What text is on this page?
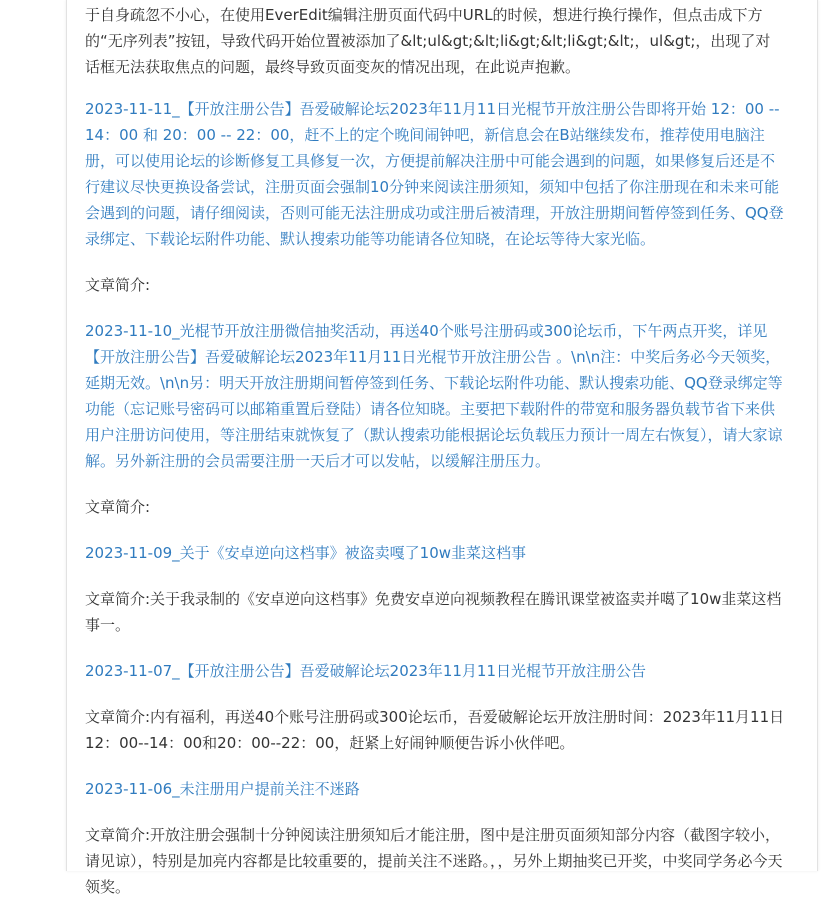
于自身疏忽不小心，在使用EverEdit编辑注册页面代码中URL的时候，想进行换行操作，但点击成下方的“无序列表”按钮，导致代码开始位置被添加了&lt;ul&gt;&lt;li&gt;&lt;li&gt;&lt;，ul&gt;，出现了对话框无法获取焦点的问题，最终导致页面变灰的情况出现，在此说声抱歉。

2023-11-11_【开放注册公告】吾爱破解论坛2023年11月11日光棍节开放注册公告即将开始 12：00 -- 14：00 和 20：00 -- 22：00，赶不上的定个晚间闹钟吧，新信息会在B站继续发布，推荐使用电脑注册，可以使用论坛的诊断修复工具修复一次，方便提前解决注册中可能会遇到的问题，如果修复后还是不行建议尽快更换设备尝试，注册页面会强制10分钟来阅读注册须知，须知中包括了你注册现在和未来可能会遇到的问题，请仔细阅读，否则可能无法注册成功或注册后被清理，开放注册期间暂停签到任务、QQ登录绑定、下载论坛附件功能、默认搜索功能等功能请各位知晓，在论坛等待大家光临。

文章简介:

2023-11-10_光棍节开放注册微信抽奖活动，再送40个账号注册码或300论坛币，下午两点开奖，详见【开放注册公告】吾爱破解论坛2023年11月11日光棍节开放注册公告 。\n\n注：中奖后务必今天领奖，延期无效。\n\n另：明天开放注册期间暂停签到任务、下载论坛附件功能、默认搜索功能、QQ登录绑定等功能（忘记账号密码可以邮箱重置后登陆）请各位知晓。主要把下载附件的带宽和服务器负载节省下来供用户注册访问使用，等注册结束就恢复了（默认搜索功能根据论坛负载压力预计一周左右恢复），请大家谅解。另外新注册的会员需要注册一天后才可以发帖，以缓解注册压力。

文章简介:

2023-11-09_关于《安卓逆向这档事》被盗卖嘎了10w韭菜这档事

文章简介:关于我录制的《安卓逆向这档事》免费安卓逆向视频教程在腾讯课堂被盗卖并噶了10w韭菜这档事一。

2023-11-07_【开放注册公告】吾爱破解论坛2023年11月11日光棍节开放注册公告

文章简介:内有福利，再送40个账号注册码或300论坛币，吾爱破解论坛开放注册时间：2023年11月11日12：00--14：00和20：00--22：00，赶紧上好闹钟顺便告诉小伙伴吧。

2023-11-06_未注册用户提前关注不迷路

文章简介:开放注册会强制十分钟阅读注册须知后才能注册，图中是注册页面须知部分内容（截图字较小，请见谅），特别是加亮内容都是比较重要的，提前关注不迷路。，，另外上期抽奖已开奖，中奖同学务必今天领奖。
